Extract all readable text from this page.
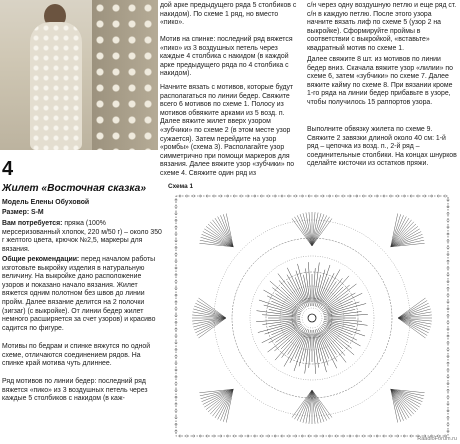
4
Жилет «Восточная сказка»

Модель Елены Обуховой

Размер: S-M

Вам потребуется: пряжа (100% мерсеризованный хлопок, 220 м/50 г) – около 350 г желтого цвета, крючок №2,5, маркеры для вязания.

Общие рекомендации: перед началом работы изготовьте выкройку изделия в натуральную величину. На выкройке дано расположение узоров и показано начало вязания. Жилет вяжется одним полотном без швов до линии пройм. Далее вязание делится на 2 полочки (зигзаг) (с выкройке). От линии бедер жилет немного расширяется за счет узоров) и красиво садится по фигуре.

Мотивы по бедрам и спинке вяжутся по одной схеме, отличаются соединением рядов. На спинке край мотива чуть длиннее.

Ряд мотивов по линии бедер: последний ряд вяжется «пико» из 3 воздушных петель через каждые 5 столбиков с накидом (в каж-

дой арке предыдущего ряда 5 столбиков с накидом). По схеме 1 ряд, но вместо «пико».

Мотив на спинке: последний ряд вяжется «пико» из 3 воздушных петель через каждые 4 столбика с накидом (в каждой арке предыдущего ряда по 4 столбика с накидом).

Начните вязать с мотивов, которые будут располагаться по линии бедер. Свяжите всего 6 мотивов по схеме 1. Полосу из мотивов обвяжите арками из 5 возд. п. Далее вяжите жилет вверх узором «зубчики» по схеме 2 (в этом месте узор сужается). Затем перейдите на узор «ромбы» (схема 3). Располагайте узор симметрично при помощи маркеров для вязания. Далее вяжите узор «зубчики» по схеме 4. Свяжите один ряд из

с/н через одну воздушную петлю и еще ряд ст. с/н в каждую петлю. После этого узора начните вязать лиф по схеме 5 (узор 2 на выкройке). Сформируйте проймы в соответствии с выкройкой, «вставьте» квадратный мотив по схеме 1.

Далее свяжите 8 шт. из мотивов по линии бедер вниз. Скачала вяжите узор «лилии» по схеме 6, затем «зубчики» по схеме 7. Далее вяжите кайму по схеме 8. При вязании кроме 1-го ряда на линии бедер прибавьте в узоре, чтобы получилось 15 раппортов узора.

Выполните обвязку жилета по схеме 9. Свяжите 2 завязки длиной около 40 см: 1-й ряд – цепочка из возд. п., 2-й ряд – соединительные столбики. На концах шнурков сделайте кисточки из остатков пряжи.

Схема 1
RaadioForum.ru
